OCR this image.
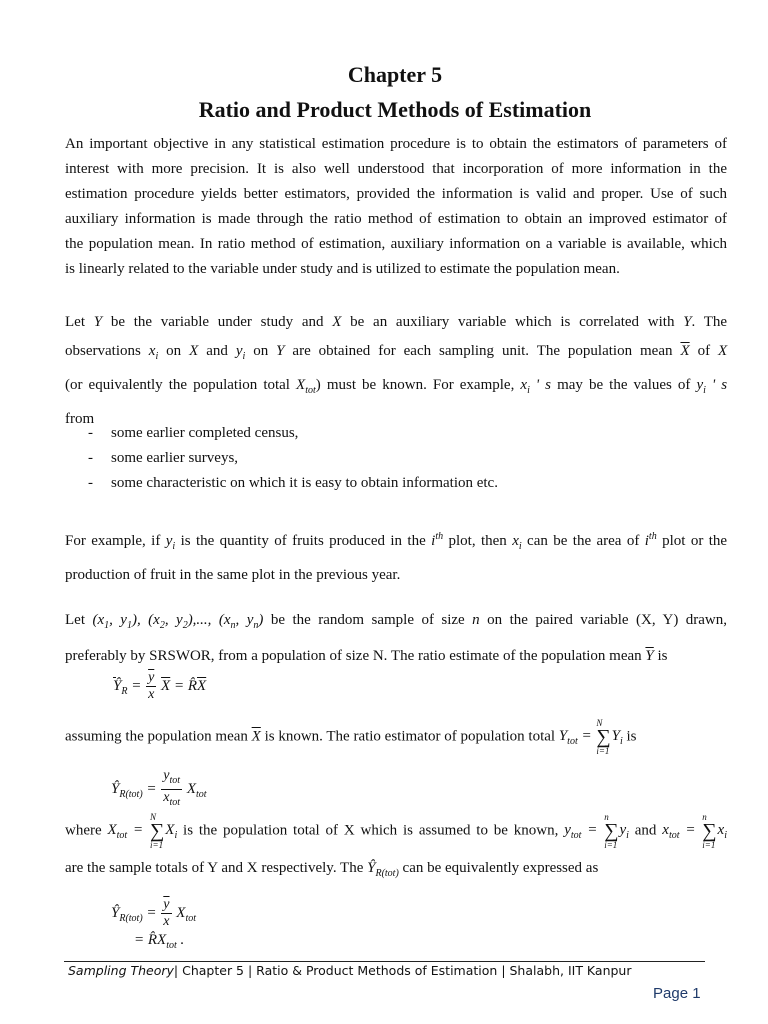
Chapter 5
Ratio and Product Methods of Estimation
An important objective in any statistical estimation procedure is to obtain the estimators of parameters of
interest with more precision. It is also well understood that incorporation of more information in the
estimation procedure yields better estimators, provided the information is valid and proper. Use of such
auxiliary information is made through the ratio method of estimation to obtain an improved estimator of
the population mean. In ratio method of estimation, auxiliary information on a variable is available, which
is linearly related to the variable under study and is utilized to estimate the population mean.
Let Y be the variable under study and X be an auxiliary variable which is correlated with Y. The
observations $x_i$ on X and $y_i$ on Y are obtained for each sampling unit. The population mean $\overline{X}$ of X
(or equivalently the population total $X_{tot}$) must be known. For example, $x_i$ ' s may be the values of $y_i$ ' s
from
- some earlier completed census,
- some earlier surveys,
- some characteristic on which it is easy to obtain information etc.
For example, if $y_i$ is the quantity of fruits produced in the $i^{th}$ plot, then $x_i$ can be the area of $i^{th}$ plot or the
production of fruit in the same plot in the previous year.
Let ($x_1$, $y_1$), ($x_2$, $y_2$),..., ($x_n$, $y_n$) be the random sample of size n on the paired variable (X, Y) drawn,
preferably by SRSWOR, from a population of size N. The ratio estimate of the population mean $\overline{Y}$ is
$\overline{Ŷ}_R = \frac{\overline{y}}{x} \overline{X}$ = $R̂\overline{X}$
assuming the population mean $\overline{X}$ is known. The ratio estimator of population total $Y_{tot}$ =
N
∑
i=1
$Y_i$ is
$Ŷ_{R(tot)} = \frac{y_{tot}}{x_{tot}} X_{tot}$
where $X_{tot}$ =
N
∑
i=1
$X_i$ is the population total of X which is assumed to be known, $y_{tot}$ =
n
∑
i=1
$y_i$ and $x_{tot}$ =
n
∑
i=1
$x_i$
are the sample totals of Y and X respectively. The $Ŷ_{R(tot)}$ can be equivalently expressed as
$Ŷ_{R(tot)} = \frac{\overline{y}}{x} X_{tot}$
= $R̂X_{tot}$ .
Sampling Theory| Chapter 5 | Ratio & Product Methods of Estimation | Shalabh, IIT Kanpur
Page 1
